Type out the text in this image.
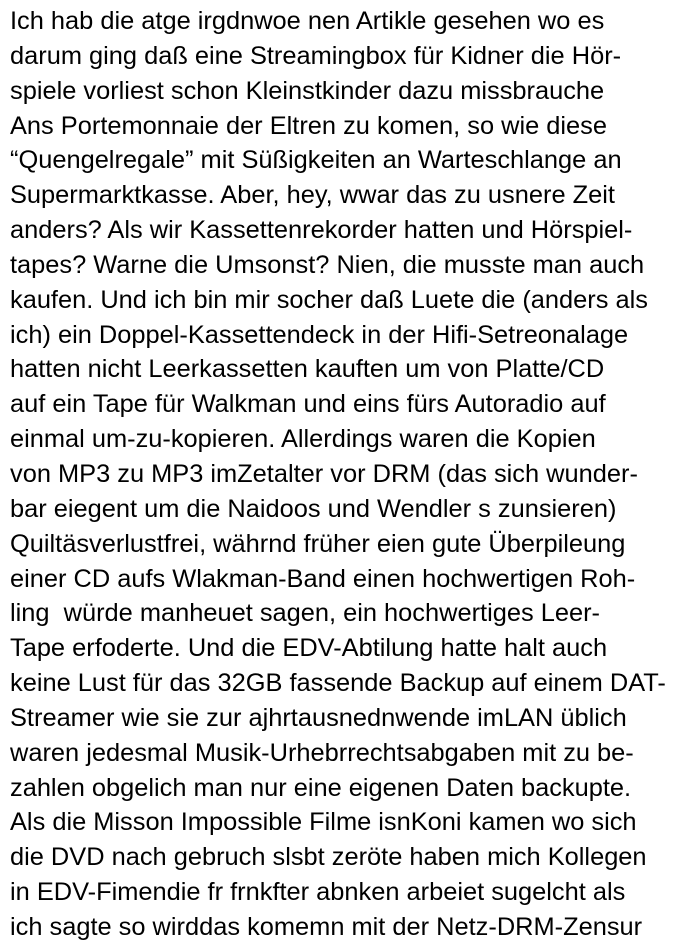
Ich hab die atge irgdnwoe nen Artikle gesehen wo es
darum ging daß eine Streamingbox für Kidner die Hör-
spiele vorliest schon Kleinstkinder dazu missbrauche
Ans Portemonnaie der Eltren zu komen, so wie diese
“Quengelregale” mit Süßigkeiten an Warteschlange an
Supermarktkasse. Aber, hey, wwar das zu usnere Zeit
anders? Als wir Kassettenrekorder hatten und Hörspiel-
tapes? Warne die Umsonst? Nien, die musste man auch
kaufen. Und ich bin mir socher daß Luete die (anders als
ich) ein Doppel-Kassettendeck in der Hifi-Setreonalage
hatten nicht Leerkassetten kauften um von Platte/CD
auf ein Tape für Walkman und eins fürs Autoradio auf
einmal um-zu-kopieren. Allerdings waren die Kopien
von MP3 zu MP3 imZetalter vor DRM (das sich wunder-
bar eiegent um die Naidoos und Wendler s zunsieren)
Quiltäsverlustfrei, währnd früher eien gute Überpileung
einer CD aufs Wlakman-Band einen hochwertigen Roh-
ling  würde manheuet sagen, ein hochwertiges Leer-
Tape erfoderte. Und die EDV-Abtilung hatte halt auch
keine Lust für das 32GB fassende Backup auf einem DAT-
Streamer wie sie zur ajhrtausnednwende imLAN üblich
waren jedesmal Musik-Urhebrrechtsabgaben mit zu be-
zahlen obgelich man nur eine eigenen Daten backupte.
Als die Misson Impossible Filme isnKoni kamen wo sich
die DVD nach gebruch slsbt zeröte haben mich Kollegen
in EDV-Fimendie fr frnkfter abnken arbeiet sugelcht als
ich sagte so wirddas komemn mit der Netz-DRM-Zensur
